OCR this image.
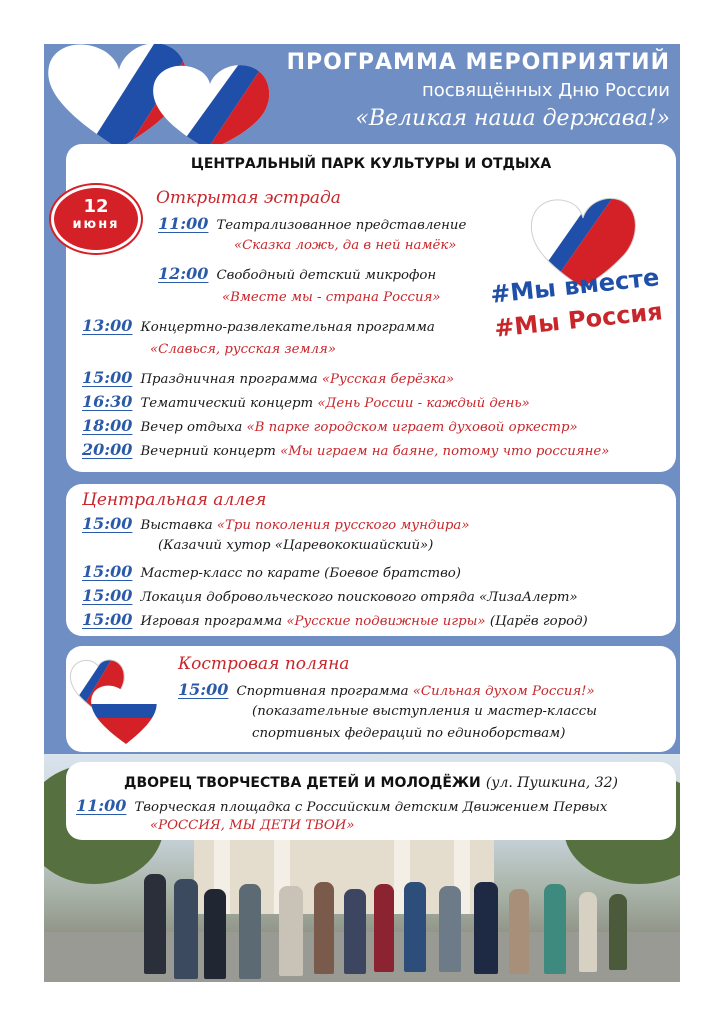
ПРОГРАММА МЕРОПРИЯТИЙ
посвящённых Дню России
«Великая наша держава!»
ЦЕНТРАЛЬНЫЙ ПАРК КУЛЬТУРЫ И ОТДЫХА
Открытая эстрада
#Мы вместе
#Мы Россия
11:00 Театрализованное представление
«Сказка ложь, да в ней намёк»
12:00 Свободный детский микрофон
«Вместе мы - страна Россия»
13:00 Концертно-развлекательная программа
«Славься, русская земля»
15:00 Праздничная программа «Русская берёзка»
16:30 Тематический концерт «День России - каждый день»
18:00 Вечер отдыха «В парке городском играет духовой оркестр»
20:00 Вечерний концерт «Мы играем на баяне, потому что россияне»
12
июня
Центральная аллея
15:00 Выставка «Три поколения русского мундира»
(Казачий хутор «Царевококшайский»)
15:00 Мастер-класс по карате (Боевое братство)
15:00 Локация добровольческого поискового отряда «ЛизаАлерт»
15:00 Игровая программа «Русские подвижные игры» (Царёв город)
Костровая поляна
15:00 Спортивная программа «Сильная духом Россия!»
(показательные выступления и мастер-классы
спортивных федераций по единоборствам)
ДВОРЕЦ ТВОРЧЕСТВА ДЕТЕЙ И МОЛОДЁЖИ (ул. Пушкина, 32)
11:00 Творческая площадка с Российским детским Движением Первых
«РОССИЯ, МЫ ДЕТИ ТВОИ»
